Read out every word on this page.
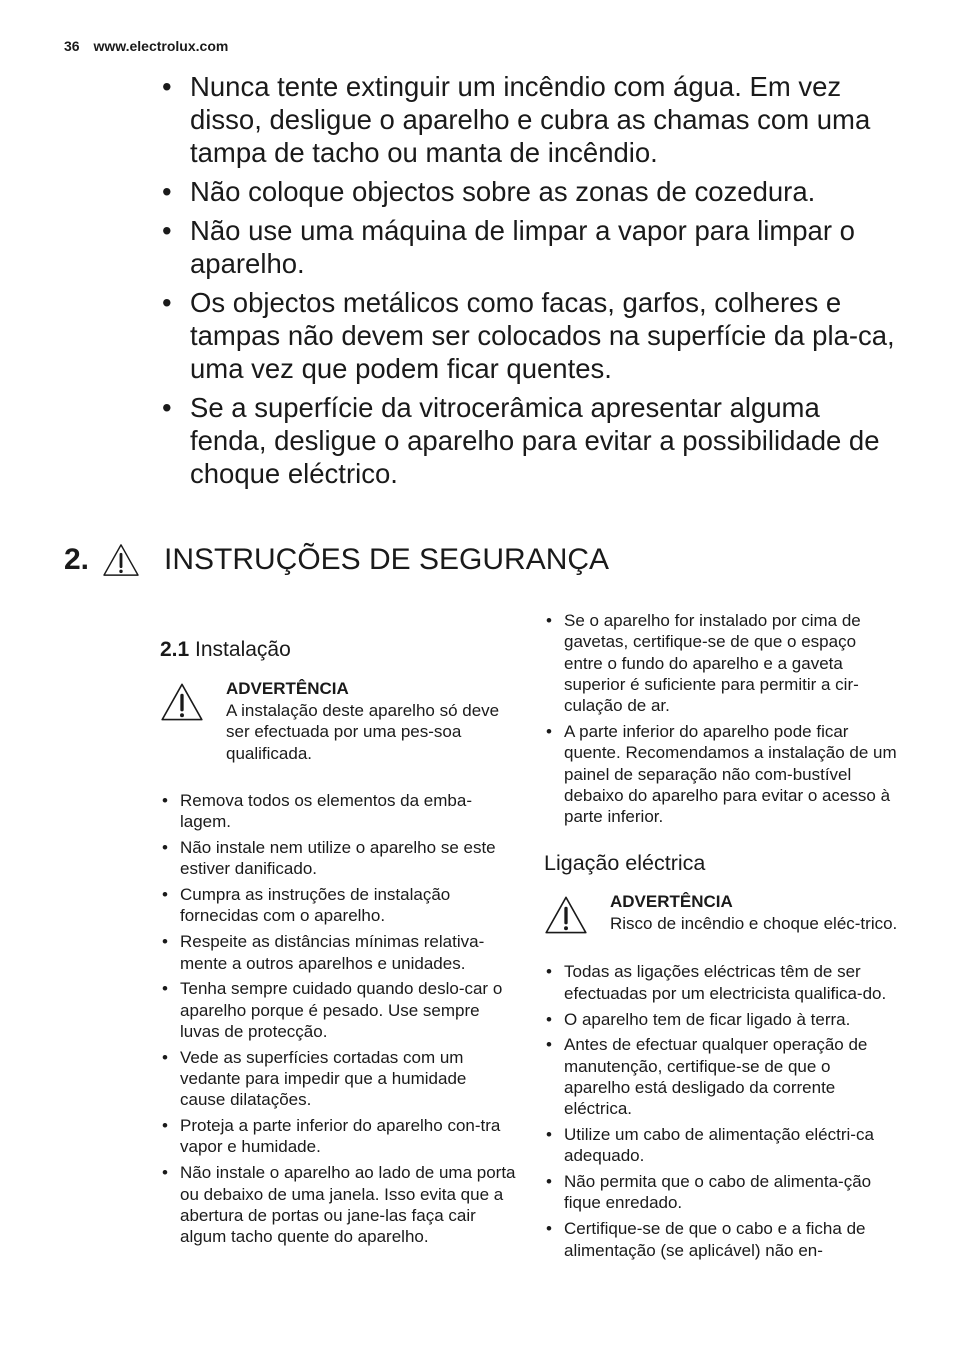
36 www.electrolux.com
• Nunca tente extinguir um incêndio com água. Em vez disso, desligue o aparelho e cubra as chamas com uma tampa de tacho ou manta de incêndio.
• Não coloque objectos sobre as zonas de cozedura.
• Não use uma máquina de limpar a vapor para limpar o aparelho.
• Os objectos metálicos como facas, garfos, colheres e tampas não devem ser colocados na superfície da pla-ca, uma vez que podem ficar quentes.
• Se a superfície da vitrocerâmica apresentar alguma fenda, desligue o aparelho para evitar a possibilidade de choque eléctrico.
2.	INSTRUÇÕES DE SEGURANÇA

2.1 Instalação

ADVERTÊNCIA
A instalação deste aparelho só deve ser efectuada por uma pes-soa qualificada.
• Remova todos os elementos da emba-lagem.
• Não instale nem utilize o aparelho se este estiver danificado.
• Cumpra as instruções de instalação fornecidas com o aparelho.
• Respeite as distâncias mínimas relativa-mente a outros aparelhos e unidades.
• Tenha sempre cuidado quando deslo-car o aparelho porque é pesado. Use sempre luvas de protecção.
• Vede as superfícies cortadas com um vedante para impedir que a humidade cause dilatações.
• Proteja a parte inferior do aparelho con-tra vapor e humidade.
• Não instale o aparelho ao lado de uma porta ou debaixo de uma janela. Isso evita que a abertura de portas ou jane-las faça cair algum tacho quente do aparelho.
• Se o aparelho for instalado por cima de gavetas, certifique-se de que o espaço entre o fundo do aparelho e a gaveta superior é suficiente para permitir a cir-culação de ar.
• A parte inferior do aparelho pode ficar quente. Recomendamos a instalação de um painel de separação não com-bustível debaixo do aparelho para evitar o acesso à parte inferior.

Ligação eléctrica

ADVERTÊNCIA
Risco de incêndio e choque eléc-trico.
• Todas as ligações eléctricas têm de ser efectuadas por um electricista qualifica-do.
• O aparelho tem de ficar ligado à terra.
• Antes de efectuar qualquer operação de manutenção, certifique-se de que o aparelho está desligado da corrente eléctrica.
• Utilize um cabo de alimentação eléctri-ca adequado.
• Não permita que o cabo de alimenta-ção fique enredado.
• Certifique-se de que o cabo e a ficha de alimentação (se aplicável) não en-
